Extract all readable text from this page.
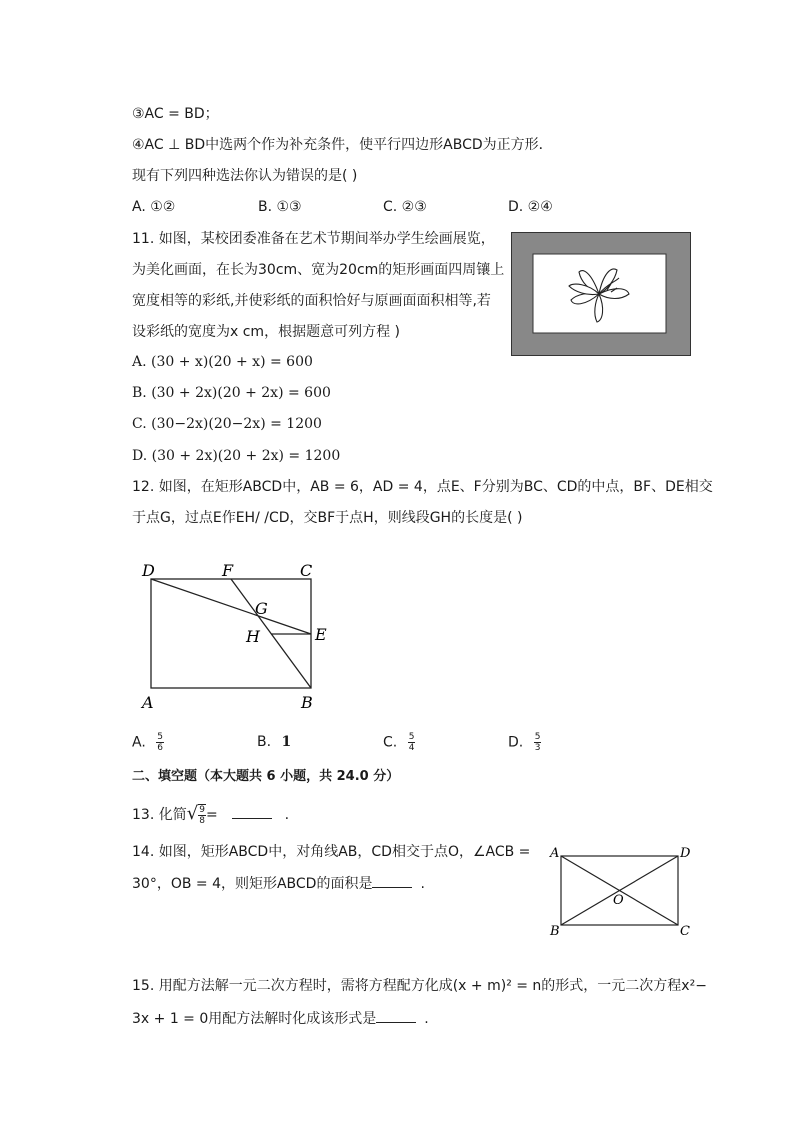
③AC = BD；
④AC ⊥ BD中选两个作为补充条件，使平行四边形ABCD为正方形．
现有下列四种选法你认为错误的是( )
A. ①②	B. ①③	C. ②③	D. ②④
11. 如图，某校团委准备在艺术节期间举办学生绘画展览，
为美化画面，在长为30cm、宽为20cm的矩形画面四周镶上
宽度相等的彩纸,并使彩纸的面积恰好与原画面面积相等,若
设彩纸的宽度为x cm，根据题意可列方程 )
A. (30 + x)(20 + x) = 600
B. (30 + 2x)(20 + 2x) = 600
C. (30−2x)(20−2x) = 1200
D. (30 + 2x)(20 + 2x) = 1200
12. 如图，在矩形ABCD中，AB = 6，AD = 4，点E、F分别为BC、CD的中点，BF、DE相交
于点G，过点E作EH/ /CD，交BF于点H，则线段GH的长度是( )
D	F	C
G
H	E
A	B
A. $\frac{5}{6}$	B. 1	C. $\frac{5}{4}$	D. $\frac{5}{3}$
二、填空题（本大题共 6 小题，共 24.0 分）
13. 化简√ $\frac{9}{8}$ =	.
14. 如图，矩形ABCD中，对角线AB，CD相交于点O，∠ACB =
30°，OB = 4，则矩形ABCD的面积是	.
A	D
O
B	C
15. 用配方法解一元二次方程时，需将方程配方化成(x + m)² = n的形式，一元二次方程x²−
3x + 1 = 0用配方法解时化成该形式是	.
